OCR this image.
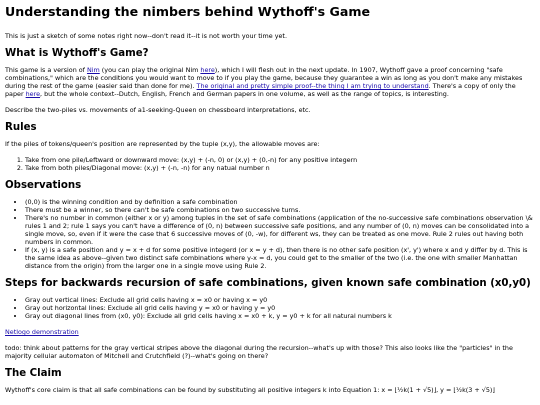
Understanding the nimbers behind Wythoff's Game

This is just a sketch of some notes right now--don't read it--it is not worth your time yet.

What is Wythoff's Game?

This game is a version of Nim (you can play the original Nim here), which I will flesh out in the next update. In 1907, Wythoff gave a proof concerning "safe combinations," which are the conditions you would want to move to if you play the game, because they guarantee a win as long as you don't make any mistakes during the rest of the game (easier said than done for me). The original and pretty simple proof--the thing I am trying to understand. There's a copy of only the paper here, but the whole context--Dutch, English, French and German papers in one volume, as well as the range of topics, is interesting.

Describe the two-piles vs. movements of a1-seeking-Queen on chessboard interpretations, etc.

Rules

If the piles of tokens/queen's position are represented by the tuple (x,y), the allowable moves are:

1. Take from one pile/Leftward or downward move: (x,y) + (-n, 0) or (x,y) + (0,-n) for any positive integern
2. Take from both piles/Diagonal move: (x,y) + (-n, -n) for any natual number n
Observations
• (0,0) is the winning condition and by definition a safe combination
• There must be a winner, so there can't be safe combinations on two successive turns.
• There's no number in common (either x or y) among tuples in the set of safe combinations (application of the no-successive safe combinations observation \& rules 1 and 2; rule 1 says you can't have a difference of (0, n) between successive safe positions, and any number of (0, n) moves can be consolidated into a single move, so, even if it were the case that 6 successive moves of (0, -w), for different ws, they can be treated as one move. Rule 2 rules out having both numbers in common.
• If (x, y) is a safe position and y = x + d for some positive integerd (or x = y + d), then there is no other safe position (x', y') where x and y differ by d. This is the same idea as above--given two distinct safe combinations where y-x = d, you could get to the smaller of the two (i.e. the one with smaller Manhattan distance from the origin) from the larger one in a single move using Rule 2.
Steps for backwards recursion of safe combinations, given known safe combination (x0,y0)
• Gray out vertical lines: Exclude all grid cells having x = x0 or having x = y0
• Gray out horizontal lines: Exclude all grid cells having y = x0 or having y = y0
• Gray out diagonal lines from (x0, y0): Exclude all grid cells having x = x0 + k, y = y0 + k for all natural numbers k

Netlogo demonstration

todo: think about patterns for the gray vertical stripes above the diagonal during the recursion--what's up with those? This also looks like the "particles" in the majority cellular automaton of Mitchell and Crutchfield (?)--what's going on there?

The Claim

Wythoff's core claim is that all safe combinations can be found by substituting all positive integers k into Equation 1: x = ⌊½k(1 + √5)⌋, y = ⌊½k(3 + √5)⌋
